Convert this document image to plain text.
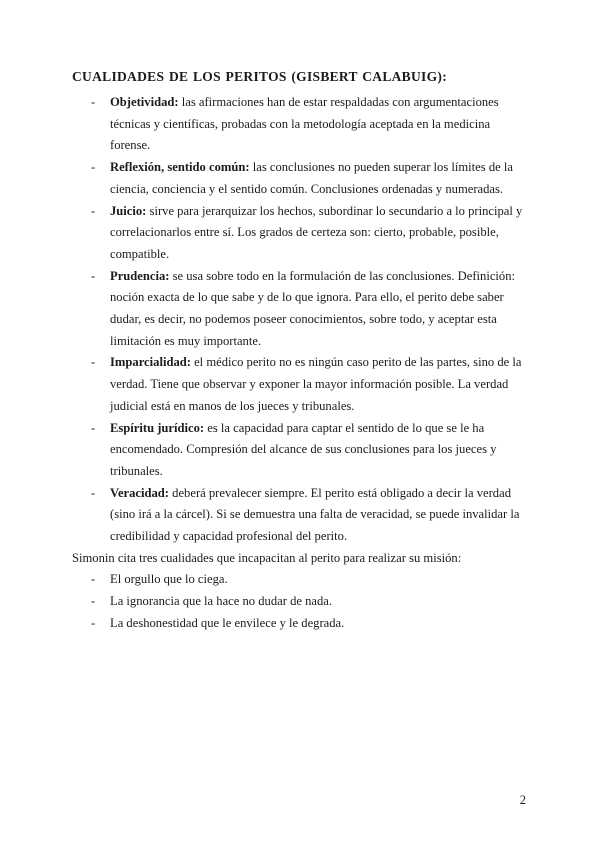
CUALIDADES DE LOS PERITOS (GISBERT CALABUIG):
-	Objetividad: las afirmaciones han de estar respaldadas con argumentaciones técnicas y científicas, probadas con la metodología aceptada en la medicina forense.
-	Reflexión, sentido común: las conclusiones no pueden superar los límites de la ciencia, conciencia y el sentido común. Conclusiones ordenadas y numeradas.
-	Juicio: sirve para jerarquizar los hechos, subordinar lo secundario a lo principal y correlacionarlos entre sí. Los grados de certeza son: cierto, probable, posible, compatible.
-	Prudencia: se usa sobre todo en la formulación de las conclusiones. Definición: noción exacta de lo que sabe y de lo que ignora. Para ello, el perito debe saber dudar, es decir, no podemos poseer conocimientos, sobre todo, y aceptar esta limitación es muy importante.
-	Imparcialidad: el médico perito no es ningún caso perito de las partes, sino de la verdad. Tiene que observar y exponer la mayor información posible. La verdad judicial está en manos de los jueces y tribunales.
-	Espíritu jurídico: es la capacidad para captar el sentido de lo que se le ha encomendado. Compresión del alcance de sus conclusiones para los jueces y tribunales.
-	Veracidad: deberá prevalecer siempre. El perito está obligado a decir la verdad (sino irá a la cárcel). Si se demuestra una falta de veracidad, se puede invalidar la credibilidad y capacidad profesional del perito.

Simonin cita tres cualidades que incapacitan al perito para realizar su misión:

-	El orgullo que lo ciega.
-	La ignorancia que la hace no dudar de nada.
-	La deshonestidad que le envilece y le degrada.
2
